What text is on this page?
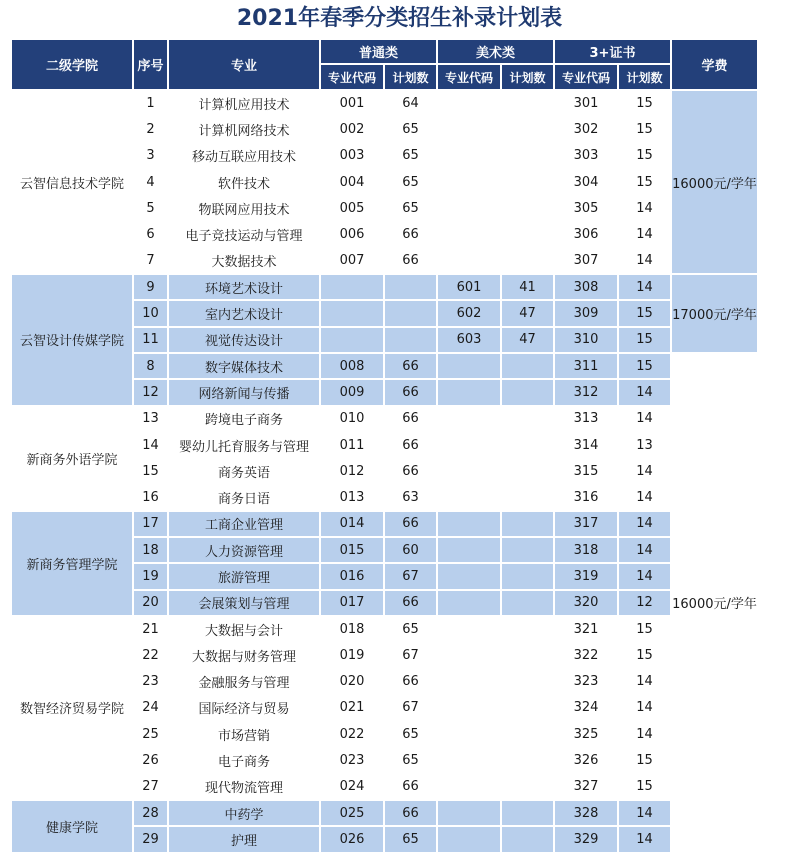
2021年春季分类招生补录计划表
二级学院	序号	专业	普通类		美术类		3+证书		学费
			专业代码	计划数	专业代码	计划数	专业代码	计划数	
云智信息技术学院	1	计算机应用技术	001	64			301	15	16000元/学年
	2	计算机网络技术	002	65			302	15	
	3	移动互联应用技术	003	65			303	15	
	4	软件技术	004	65			304	15	
	5	物联网应用技术	005	65			305	14	
	6	电子竞技运动与管理	006	66			306	14	
	7	大数据技术	007	66			307	14	
云智设计传媒学院	9	环境艺术设计			601	41	308	14	17000元/学年
	10	室内艺术设计			602	47	309	15	
	11	视觉传达设计			603	47	310	15	
	8	数字媒体技术	008	66			311	15	16000元/学年
	12	网络新闻与传播	009	66			312	14	
新商务外语学院	13	跨境电子商务	010	66			313	14	
	14	婴幼儿托育服务与管理	011	66			314	13	
	15	商务英语	012	66			315	14	
	16	商务日语	013	63			316	14	
新商务管理学院	17	工商企业管理	014	66			317	14	
	18	人力资源管理	015	60			318	14	
	19	旅游管理	016	67			319	14	
	20	会展策划与管理	017	66			320	12	
数智经济贸易学院	21	大数据与会计	018	65			321	15	
	22	大数据与财务管理	019	67			322	15	
	23	金融服务与管理	020	66			323	14	
	24	国际经济与贸易	021	67			324	14	
	25	市场营销	022	65			325	14	
	26	电子商务	023	65			326	15	
	27	现代物流管理	024	66			327	15	
健康学院	28	中药学	025	66			328	14	
	29	护理	026	65			329	14	
